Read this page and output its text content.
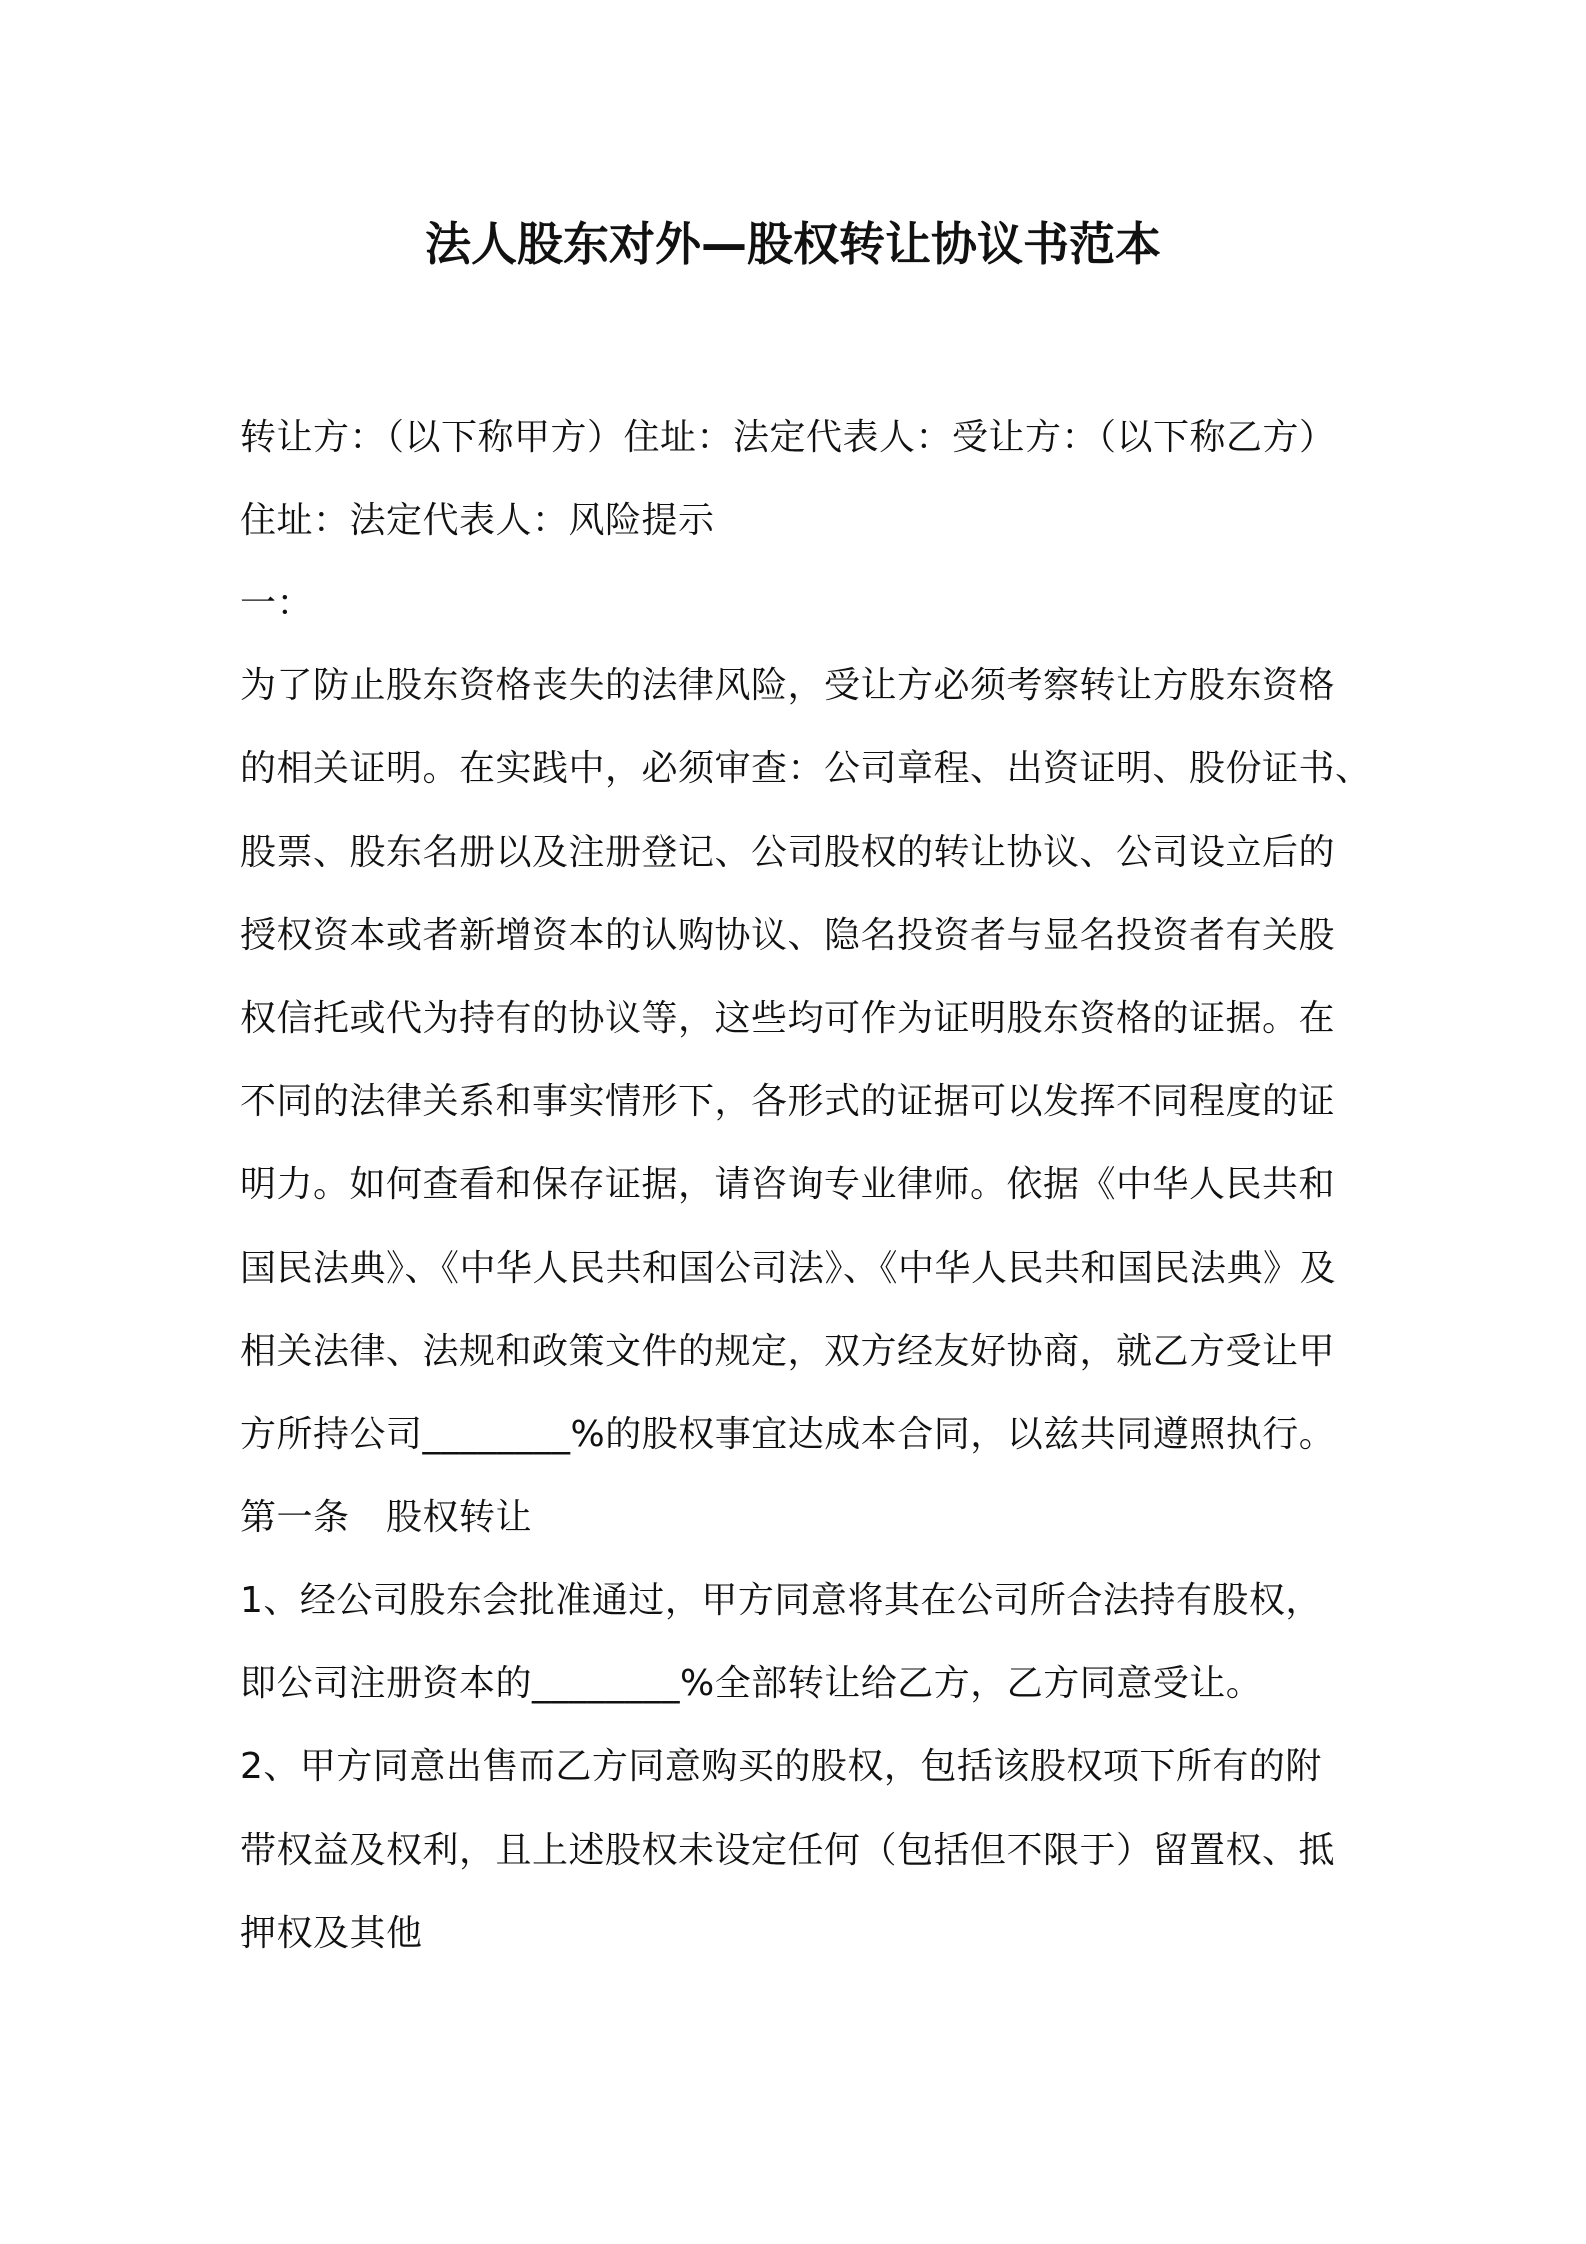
法人股东对外—股权转让协议书范本
转让方：（以下称甲方）住址：法定代表人：受让方：（以下称乙方）
住址：法定代表人：风险提示
一：
为了防止股东资格丧失的法律风险，受让方必须考察转让方股东资格
的相关证明。在实践中，必须审查：公司章程、出资证明、股份证书、
股票、股东名册以及注册登记、公司股权的转让协议、公司设立后的
授权资本或者新增资本的认购协议、隐名投资者与显名投资者有关股
权信托或代为持有的协议等，这些均可作为证明股东资格的证据。在
不同的法律关系和事实情形下，各形式的证据可以发挥不同程度的证
明力。如何查看和保存证据，请咨询专业律师。依据《中华人民共和
国民法典》、《中华人民共和国公司法》、《中华人民共和国民法典》及
相关法律、法规和政策文件的规定，双方经友好协商，就乙方受让甲
方所持公司________%的股权事宜达成本合同，以兹共同遵照执行。
第一条　股权转让
1、经公司股东会批准通过，甲方同意将其在公司所合法持有股权，
即公司注册资本的________%全部转让给乙方，乙方同意受让。
2、甲方同意出售而乙方同意购买的股权，包括该股权项下所有的附
带权益及权利，且上述股权未设定任何（包括但不限于）留置权、抵
押权及其他
